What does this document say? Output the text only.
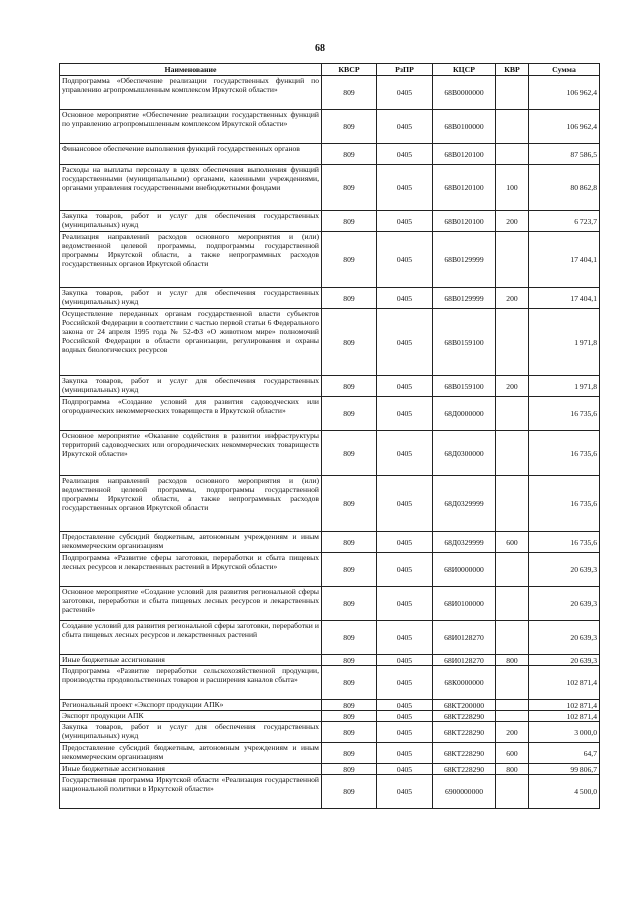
68
Наименование	КВСР	РзПР	КЦСР	КВР	Сумма
Подпрограмма «Обеспечение реализации государственных функций по управлению агропромышленным комплексом Иркутской области»	809	0405	68В0000000		106 962,4
Основное мероприятие «Обеспечение реализации государственных функций по управлению агропромышленным комплексом Иркутской области»	809	0405	68В0100000		106 962,4
Финансовое обеспечение выполнения функций государственных органов	809	0405	68В0120100		87 586,5
Расходы на выплаты персоналу в целях обеспечения выполнения функций государственными (муниципальными) органами, казенными учреждениями, органами управления государственными внебюджетными фондами	809	0405	68В0120100	100	80 862,8
Закупка товаров, работ и услуг для обеспечения государственных (муниципальных) нужд	809	0405	68В0120100	200	6 723,7
Реализация направлений расходов основного мероприятия и (или) ведомственной целевой программы, подпрограммы государственной программы Иркутской области, а также непрограммных расходов государственных органов Иркутской области	809	0405	68В0129999		17 404,1
Закупка товаров, работ и услуг для обеспечения государственных (муниципальных) нужд	809	0405	68В0129999	200	17 404,1
Осуществление переданных органам государственной власти субъектов Российской Федерации в соответствии с частью первой статьи 6 Федерального закона от 24 апреля 1995 года № 52-ФЗ «О животном мире» полномочий Российской Федерации в области организации, регулирования и охраны водных биологических ресурсов	809	0405	68В0159100		1 971,8
Закупка товаров, работ и услуг для обеспечения государственных (муниципальных) нужд	809	0405	68В0159100	200	1 971,8
Подпрограмма «Создание условий для развития садоводческих или огороднических некоммерческих товариществ в Иркутской области»	809	0405	68Д0000000		16 735,6
Основное мероприятие «Оказание содействия в развитии инфраструктуры территорий садоводческих или огороднических некоммерческих товариществ Иркутской области»	809	0405	68Д0300000		16 735,6
Реализация направлений расходов основного мероприятия и (или) ведомственной целевой программы, подпрограммы государственной программы Иркутской области, а также непрограммных расходов государственных органов Иркутской области	809	0405	68Д0329999		16 735,6
Предоставление субсидий бюджетным, автономным учреждениям и иным некоммерческим организациям	809	0405	68Д0329999	600	16 735,6
Подпрограмма «Развитие сферы заготовки, переработки и сбыта пищевых лесных ресурсов и лекарственных растений в Иркутской области»	809	0405	68И0000000		20 639,3
Основное мероприятие «Создание условий для развития региональной сферы заготовки, переработки и сбыта пищевых лесных ресурсов и лекарственных растений»	809	0405	68И0100000		20 639,3
Создание условий для развития региональной сферы заготовки, переработки и сбыта пищевых лесных ресурсов и лекарственных растений	809	0405	68И0128270		20 639,3
Иные бюджетные ассигнования	809	0405	68И0128270	800	20 639,3
Подпрограмма «Развитие переработки сельскохозяйственной продукции, производства продовольственных товаров и расширения каналов сбыта»	809	0405	68К0000000		102 871,4
Региональный проект «Экспорт продукции АПК»	809	0405	68КТ200000		102 871,4
Экспорт продукции АПК	809	0405	68КТ228290		102 871,4
Закупка товаров, работ и услуг для обеспечения государственных (муниципальных) нужд	809	0405	68КТ228290	200	3 000,0
Предоставление субсидий бюджетным, автономным учреждениям и иным некоммерческим организациям	809	0405	68КТ228290	600	64,7
Иные бюджетные ассигнования	809	0405	68КТ228290	800	99 806,7
Государственная программа Иркутской области «Реализация государственной национальной политики в Иркутской области»	809	0405	6900000000		4 500,0
